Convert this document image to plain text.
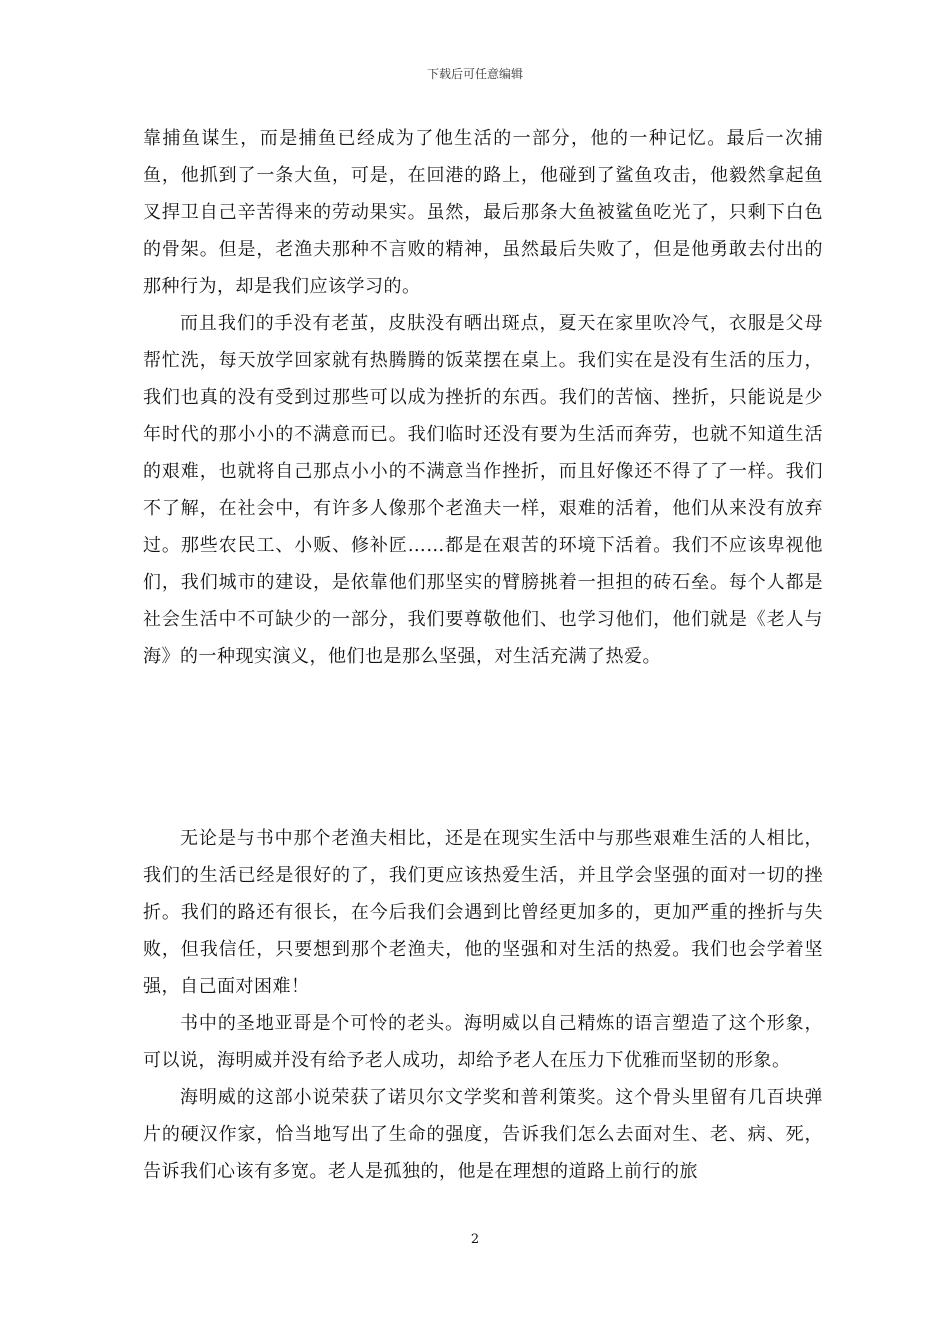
下载后可任意编辑

靠捕鱼谋生，而是捕鱼已经成为了他生活的一部分，他的一种记忆。最后一次捕鱼，他抓到了一条大鱼，可是，在回港的路上，他碰到了鲨鱼攻击，他毅然拿起鱼叉捍卫自己辛苦得来的劳动果实。虽然，最后那条大鱼被鲨鱼吃光了，只剩下白色的骨架。但是，老渔夫那种不言败的精神，虽然最后失败了，但是他勇敢去付出的那种行为，却是我们应该学习的。

而且我们的手没有老茧，皮肤没有晒出斑点，夏天在家里吹冷气，衣服是父母帮忙洗，每天放学回家就有热腾腾的饭菜摆在桌上。我们实在是没有生活的压力，我们也真的没有受到过那些可以成为挫折的东西。我们的苦恼、挫折，只能说是少年时代的那小小的不满意而已。我们临时还没有要为生活而奔劳，也就不知道生活的艰难，也就将自己那点小小的不满意当作挫折，而且好像还不得了了一样。我们不了解，在社会中，有许多人像那个老渔夫一样，艰难的活着，他们从来没有放弃过。那些农民工、小贩、修补匠……都是在艰苦的环境下活着。我们不应该卑视他们，我们城市的建设，是依靠他们那坚实的臂膀挑着一担担的砖石垒。每个人都是社会生活中不可缺少的一部分，我们要尊敬他们、也学习他们，他们就是《老人与海》的一种现实演义，他们也是那么坚强，对生活充满了热爱。

无论是与书中那个老渔夫相比，还是在现实生活中与那些艰难生活的人相比，我们的生活已经是很好的了，我们更应该热爱生活，并且学会坚强的面对一切的挫折。我们的路还有很长，在今后我们会遇到比曾经更加多的，更加严重的挫折与失败，但我信任，只要想到那个老渔夫，他的坚强和对生活的热爱。我们也会学着坚强，自己面对困难！

书中的圣地亚哥是个可怜的老头。海明威以自己精炼的语言塑造了这个形象，可以说，海明威并没有给予老人成功，却给予老人在压力下优雅而坚韧的形象。

海明威的这部小说荣获了诺贝尔文学奖和普利策奖。这个骨头里留有几百块弹片的硬汉作家，恰当地写出了生命的强度，告诉我们怎么去面对生、老、病、死，告诉我们心该有多宽。老人是孤独的，他是在理想的道路上前行的旅

2
